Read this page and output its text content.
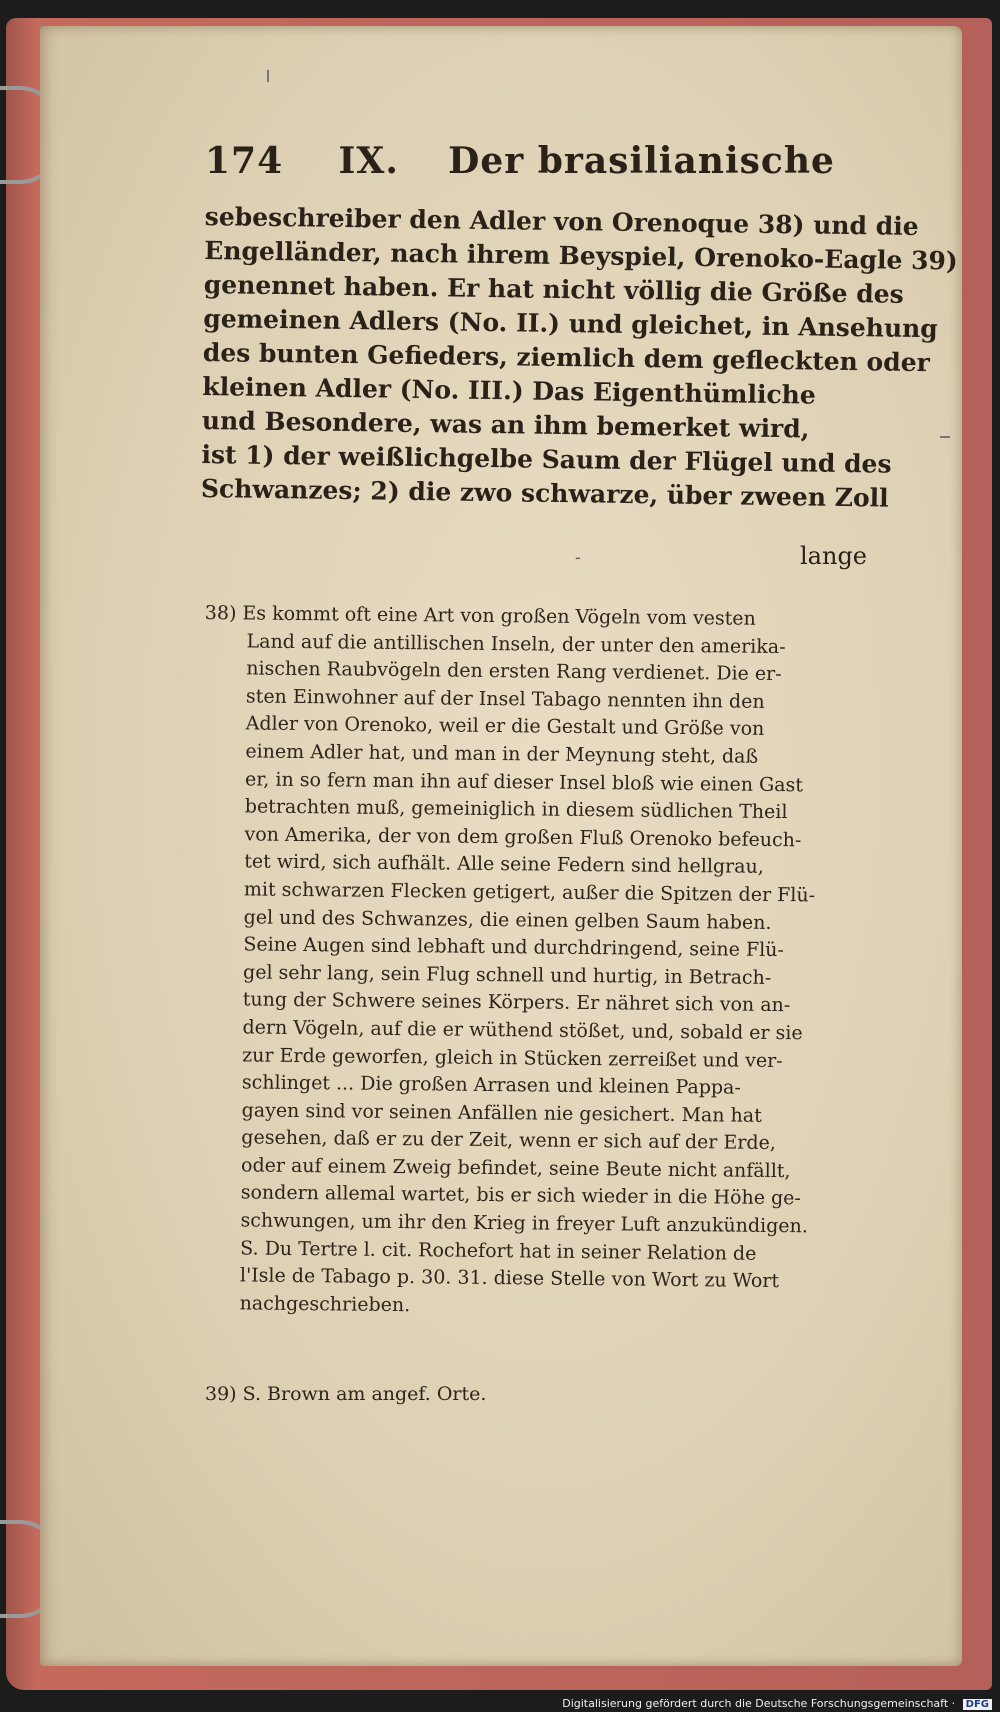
174 IX. Der brasilianische
sebeschreiber den Adler von Orenoque 38) und die
Engelländer, nach ihrem Beyspiel, Orenoko-Eagle 39)
genennet haben. Er hat nicht völlig die Größe des
gemeinen Adlers (No. II.) und gleichet, in Ansehung
des bunten Gefieders, ziemlich dem gefleckten oder
kleinen Adler (No. III.) Das Eigenthümliche
und Besondere, was an ihm bemerket wird,
ist 1) der weißlichgelbe Saum der Flügel und des
Schwanzes; 2) die zwo schwarze, über zween Zoll
-	lange
38) Es kommt oft eine Art von großen Vögeln vom vesten
Land auf die antillischen Inseln, der unter den amerika-
nischen Raubvögeln den ersten Rang verdienet. Die er-
sten Einwohner auf der Insel Tabago nennten ihn den
Adler von Orenoko, weil er die Gestalt und Größe von
einem Adler hat, und man in der Meynung steht, daß
er, in so fern man ihn auf dieser Insel bloß wie einen Gast
betrachten muß, gemeiniglich in diesem südlichen Theil
von Amerika, der von dem großen Fluß Orenoko befeuch-
tet wird, sich aufhält. Alle seine Federn sind hellgrau,
mit schwarzen Flecken getigert, außer die Spitzen der Flü-
gel und des Schwanzes, die einen gelben Saum haben.
Seine Augen sind lebhaft und durchdringend, seine Flü-
gel sehr lang, sein Flug schnell und hurtig, in Betrach-
tung der Schwere seines Körpers. Er nähret sich von an-
dern Vögeln, auf die er wüthend stößet, und, sobald er sie
zur Erde geworfen, gleich in Stücken zerreißet und ver-
schlinget ... Die großen Arrasen und kleinen Pappa-
gayen sind vor seinen Anfällen nie gesichert. Man hat
gesehen, daß er zu der Zeit, wenn er sich auf der Erde,
oder auf einem Zweig befindet, seine Beute nicht anfällt,
sondern allemal wartet, bis er sich wieder in die Höhe ge-
schwungen, um ihr den Krieg in freyer Luft anzukündigen.
S. Du Tertre l. cit. Rochefort hat in seiner Relation de
l'Isle de Tabago p. 30. 31. diese Stelle von Wort zu Wort
nachgeschrieben.
39) S. Brown am angef. Orte.
Digitalisierung gefördert durch die Deutsche Forschungsgemeinschaft · DFG
